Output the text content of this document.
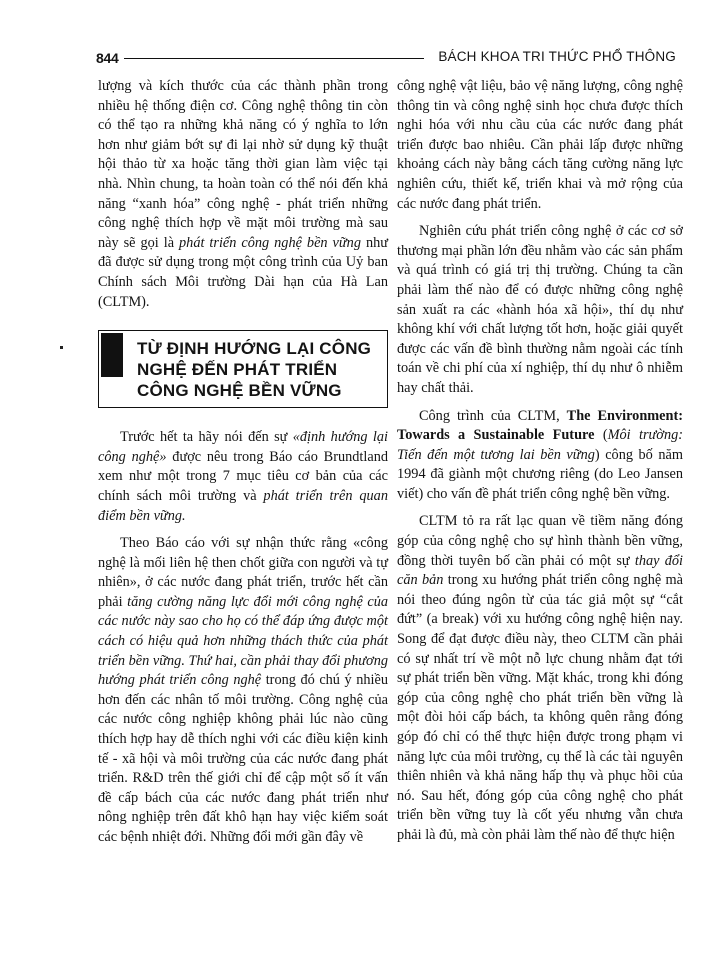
844	BÁCH KHOA TRI THỨC PHỔ THÔNG

lượng và kích thước của các thành phần trong nhiều hệ thống điện cơ. Công nghệ thông tin còn có thể tạo ra những khả năng có ý nghĩa to lớn hơn như giảm bớt sự đi lại nhờ sử dụng kỹ thuật hội thảo từ xa hoặc tăng thời gian làm việc tại nhà. Nhìn chung, ta hoàn toàn có thể nói đến khả năng “xanh hóa” công nghệ - phát triển những công nghệ thích hợp về mặt môi trường mà sau này sẽ gọi là phát triển công nghệ bền vững như đã được sử dụng trong một công trình của Uỷ ban Chính sách Môi trường Dài hạn của Hà Lan (CLTM).

TỪ ĐỊNH HƯỚNG LẠI CÔNG NGHỆ ĐẾN PHÁT TRIỂN CÔNG NGHỆ BỀN VỮNG

Trước hết ta hãy nói đến sự «định hướng lại công nghệ» được nêu trong Báo cáo Brundtland xem như một trong 7 mục tiêu cơ bản của các chính sách môi trường và phát triển trên quan điểm bền vững.

Theo Báo cáo với sự nhận thức rằng «công nghệ là mối liên hệ then chốt giữa con người và tự nhiên», ở các nước đang phát triển, trước hết cần phải tăng cường năng lực đổi mới công nghệ của các nước này sao cho họ có thể đáp ứng được một cách có hiệu quả hơn những thách thức của phát triển bền vững. Thứ hai, cần phải thay đổi phương hướng phát triển công nghệ trong đó chú ý nhiều hơn đến các nhân tố môi trường. Công nghệ của các nước công nghiệp không phải lúc nào cũng thích hợp hay dễ thích nghi với các điều kiện kinh tế - xã hội và môi trường của các nước đang phát triển. R&D trên thế giới chỉ để cập một số ít vấn đề cấp bách của các nước đang phát triển như nông nghiệp trên đất khô hạn hay việc kiểm soát các bệnh nhiệt đới. Những đổi mới gần đây về

công nghệ vật liệu, bảo vệ năng lượng, công nghệ thông tin và công nghệ sinh học chưa được thích nghi hóa với nhu cầu của các nước đang phát triển được bao nhiêu. Cần phải lấp được những khoảng cách này bằng cách tăng cường năng lực nghiên cứu, thiết kế, triển khai và mở rộng của các nước đang phát triển.

Nghiên cứu phát triển công nghệ ở các cơ sở thương mại phần lớn đều nhằm vào các sản phẩm và quá trình có giá trị thị trường. Chúng ta cần phải làm thế nào để có được những công nghệ sản xuất ra các «hành hóa xã hội», thí dụ như không khí với chất lượng tốt hơn, hoặc giải quyết được các vấn đề bình thường nằm ngoài các tính toán về chi phí của xí nghiệp, thí dụ như ô nhiễm hay chất thải.

Công trình của CLTM, The Environment: Towards a Sustainable Future (Môi trường: Tiến đến một tương lai bền vững) công bố năm 1994 đã giành một chương riêng (do Leo Jansen viết) cho vấn đề phát triển công nghệ bền vững.

CLTM tỏ ra rất lạc quan về tiềm năng đóng góp của công nghệ cho sự hình thành bền vững, đồng thời tuyên bố cần phải có một sự thay đổi căn bản trong xu hướng phát triển công nghệ mà nói theo đúng ngôn từ của tác giả một sự “cắt đứt” (a break) với xu hướng công nghệ hiện nay. Song để đạt được điều này, theo CLTM cần phải có sự nhất trí về một nỗ lực chung nhằm đạt tới sự phát triển bền vững. Mặt khác, trong khi đóng góp của công nghệ cho phát triển bền vững là một đòi hỏi cấp bách, ta không quên rằng đóng góp đó chỉ có thể thực hiện được trong phạm vi năng lực của môi trường, cụ thể là các tài nguyên thiên nhiên và khả năng hấp thụ và phục hồi của nó. Sau hết, đóng góp của công nghệ cho phát triển bền vững tuy là cốt yếu nhưng vẫn chưa phải là đủ, mà còn phải làm thế nào để thực hiện
